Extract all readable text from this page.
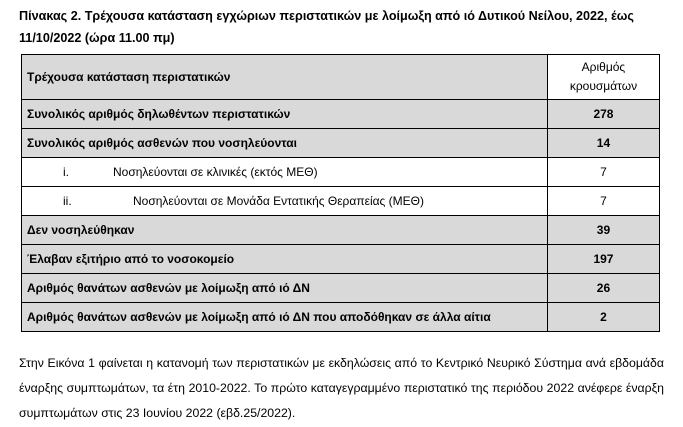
Πίνακας 2. Τρέχουσα κατάσταση εγχώριων περιστατικών με λοίμωξη από ιό Δυτικού Νείλου, 2022, έως
11/10/2022 (ώρα 11.00 πμ)
Τρέχουσα κατάσταση περιστατικών	Αριθμός
κρουσμάτων
Συνολικός αριθμός δηλωθέντων περιστατικών	278
Συνολικός αριθμός ασθενών που νοσηλεύονται	14
i. Νοσηλεύονται σε κλινικές (εκτός ΜΕΘ)	7
ii. Νοσηλεύονται σε Μονάδα Εντατικής Θεραπείας (ΜΕΘ)	7
Δεν νοσηλεύθηκαν	39
Έλαβαν εξιτήριο από το νοσοκομείο	197
Αριθμός θανάτων ασθενών με λοίμωξη από ιό ΔΝ	26
Αριθμός θανάτων ασθενών με λοίμωξη από ιό ΔΝ που αποδόθηκαν σε άλλα αίτια	2
Στην Εικόνα 1 φαίνεται η κατανομή των περιστατικών με εκδηλώσεις από το Κεντρικό Νευρικό Σύστημα ανά εβδομάδα έναρξης συμπτωμάτων, τα έτη 2010-2022. Το πρώτο καταγεγραμμένο περιστατικό της περιόδου 2022 ανέφερε έναρξη συμπτωμάτων στις 23 Ιουνίου 2022 (εβδ.25/2022).
